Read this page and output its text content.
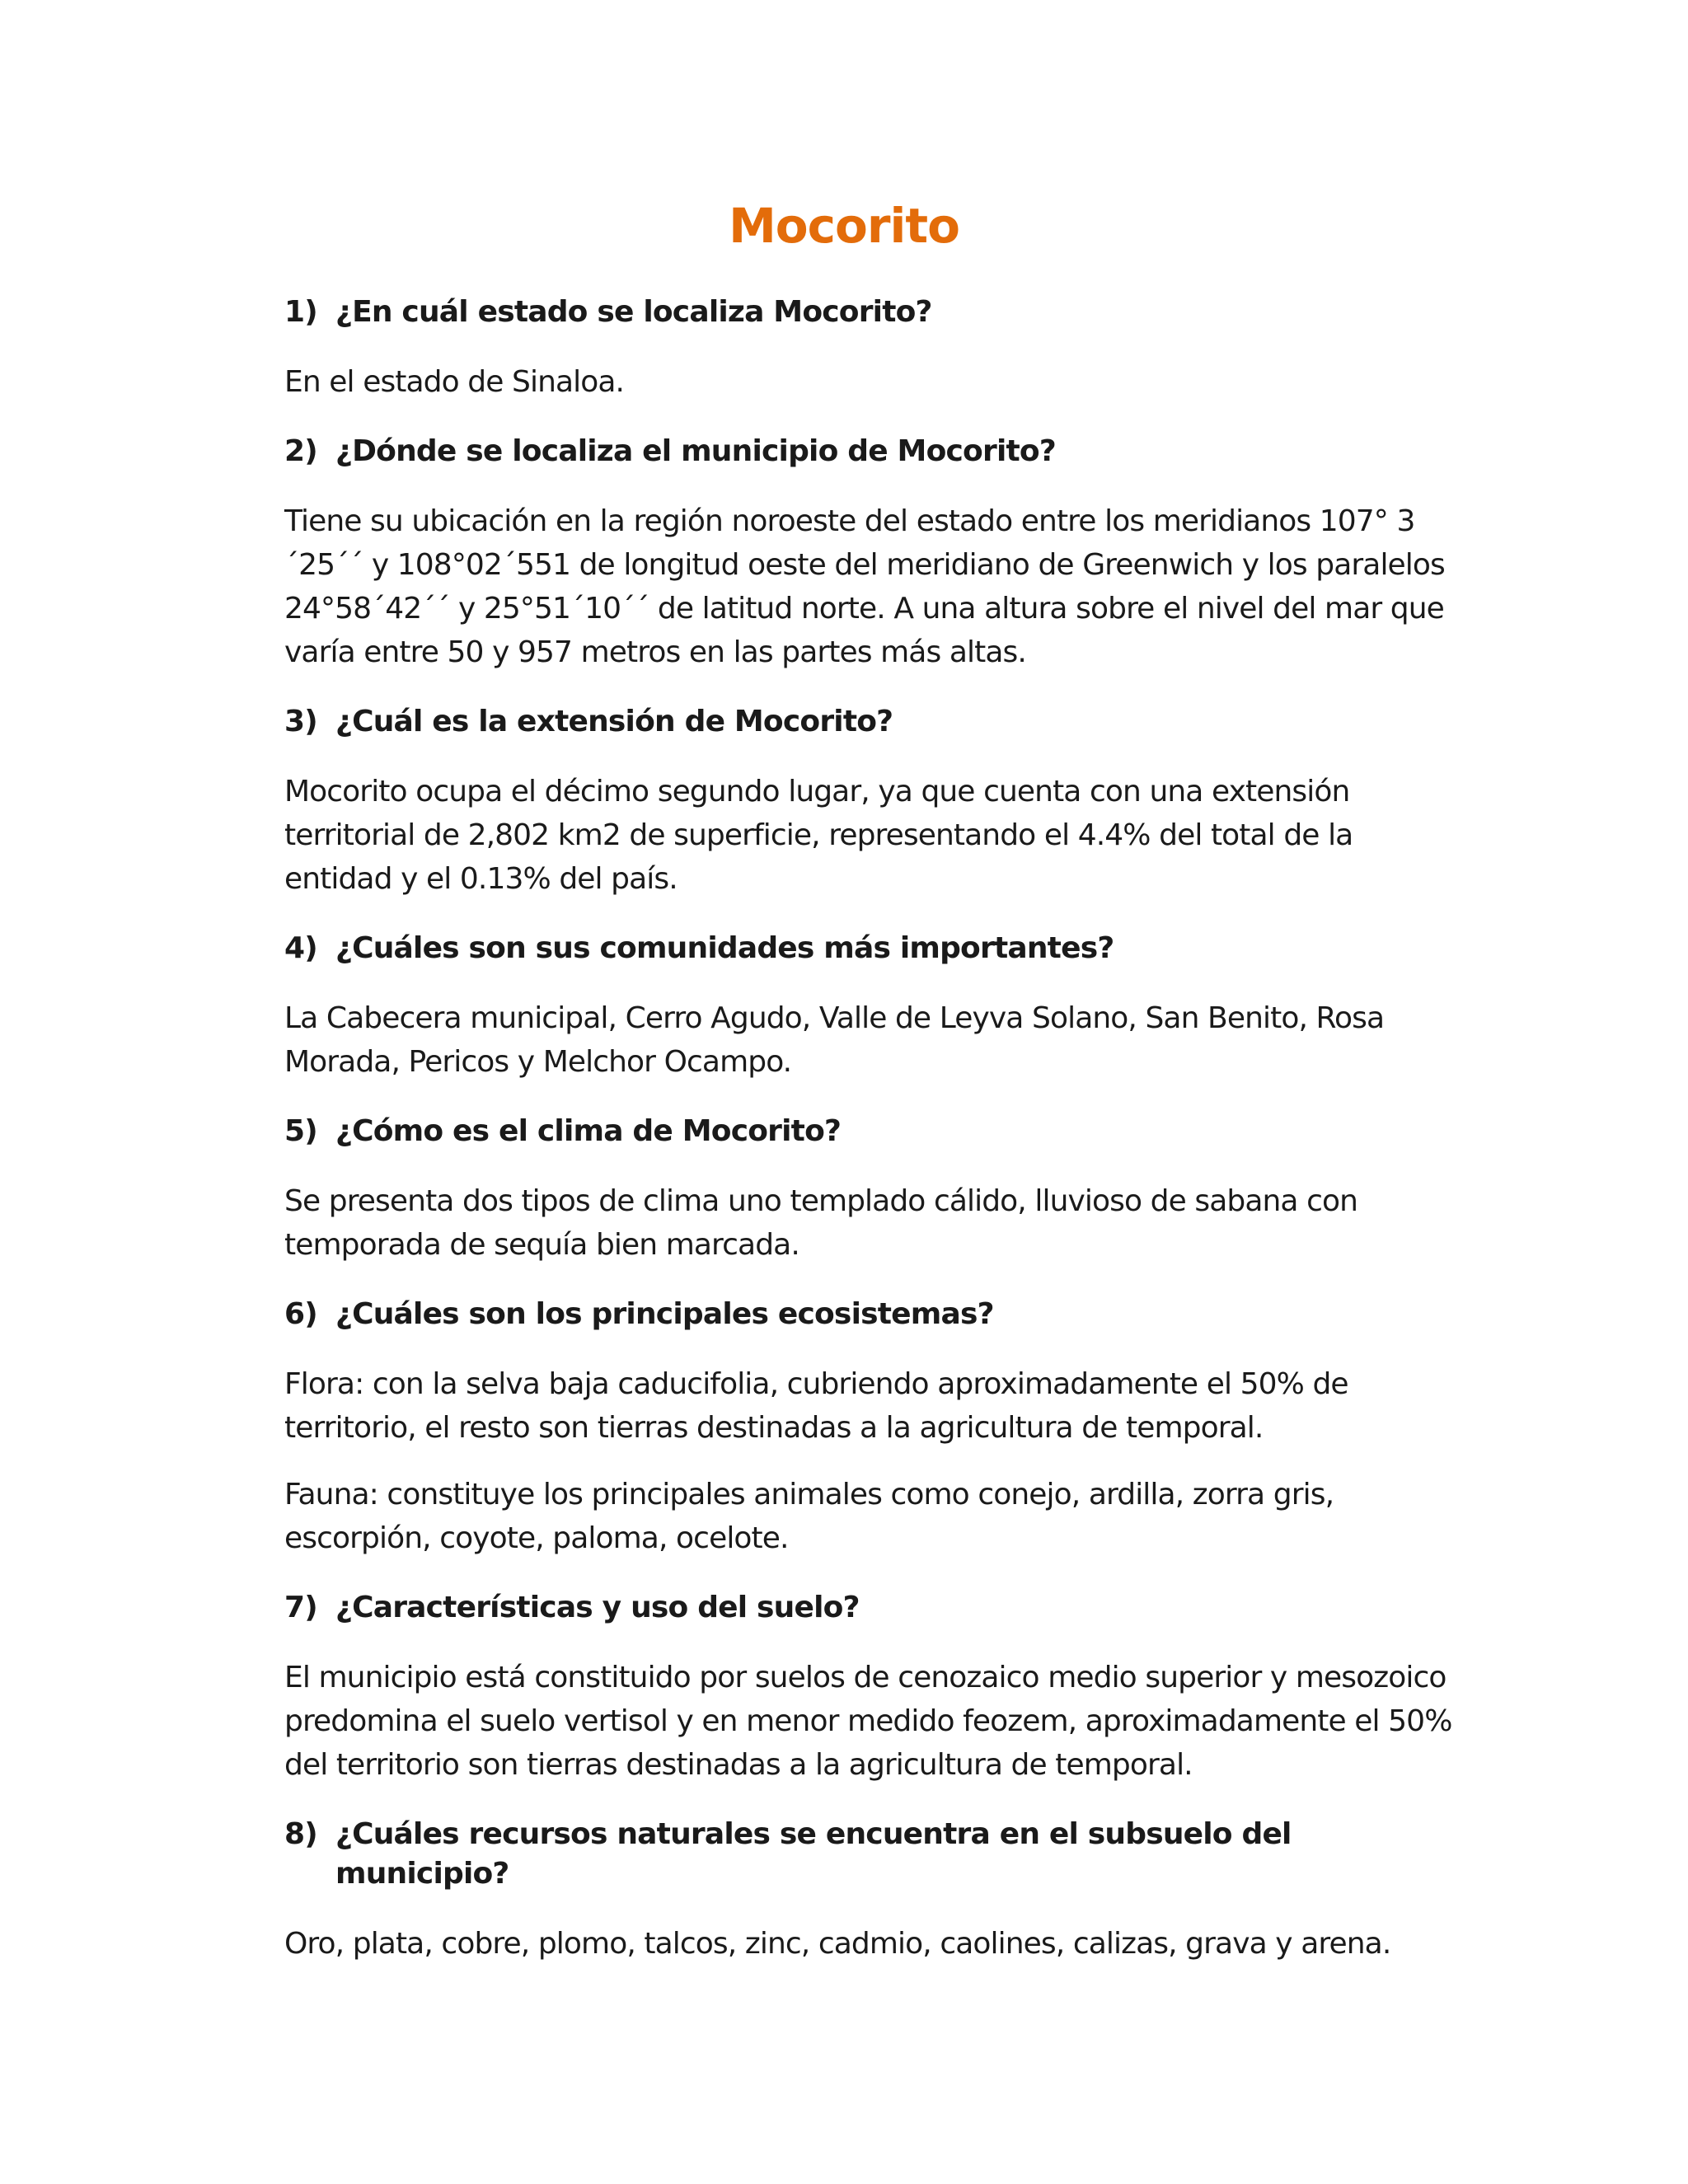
Mocorito
1) ¿En cuál estado se localiza Mocorito?

En el estado de Sinaloa.

2) ¿Dónde se localiza el municipio de Mocorito?

Tiene su ubicación en la región noroeste del estado entre los meridianos 107° 3´25´´ y 108°02´551 de longitud oeste del meridiano de Greenwich y los paralelos 24°58´42´´ y 25°51´10´´ de latitud norte. A una altura sobre el nivel del mar que varía entre 50 y 957 metros en las partes más altas.

3) ¿Cuál es la extensión de Mocorito?

Mocorito ocupa el décimo segundo lugar, ya que cuenta con una extensión territorial de 2,802 km2 de superficie, representando el 4.4% del total de la entidad y el 0.13% del país.

4) ¿Cuáles son sus comunidades más importantes?

La Cabecera municipal, Cerro Agudo, Valle de Leyva Solano, San Benito, Rosa Morada, Pericos y Melchor Ocampo.

5) ¿Cómo es el clima de Mocorito?

Se presenta dos tipos de clima uno templado cálido, lluvioso de sabana con temporada de sequía bien marcada.

6) ¿Cuáles son los principales ecosistemas?

Flora: con la selva baja caducifolia, cubriendo aproximadamente el 50% de territorio, el resto son tierras destinadas a la agricultura de temporal.

Fauna: constituye los principales animales como conejo, ardilla, zorra gris, escorpión, coyote, paloma, ocelote.

7) ¿Características y uso del suelo?

El municipio está constituido por suelos de cenozaico medio superior y mesozoico predomina el suelo vertisol y en menor medido feozem, aproximadamente el 50% del territorio son tierras destinadas a la agricultura de temporal.

8) ¿Cuáles recursos naturales se encuentra en el subsuelo del municipio?

Oro, plata, cobre, plomo, talcos, zinc, cadmio, caolines, calizas, grava y arena.
